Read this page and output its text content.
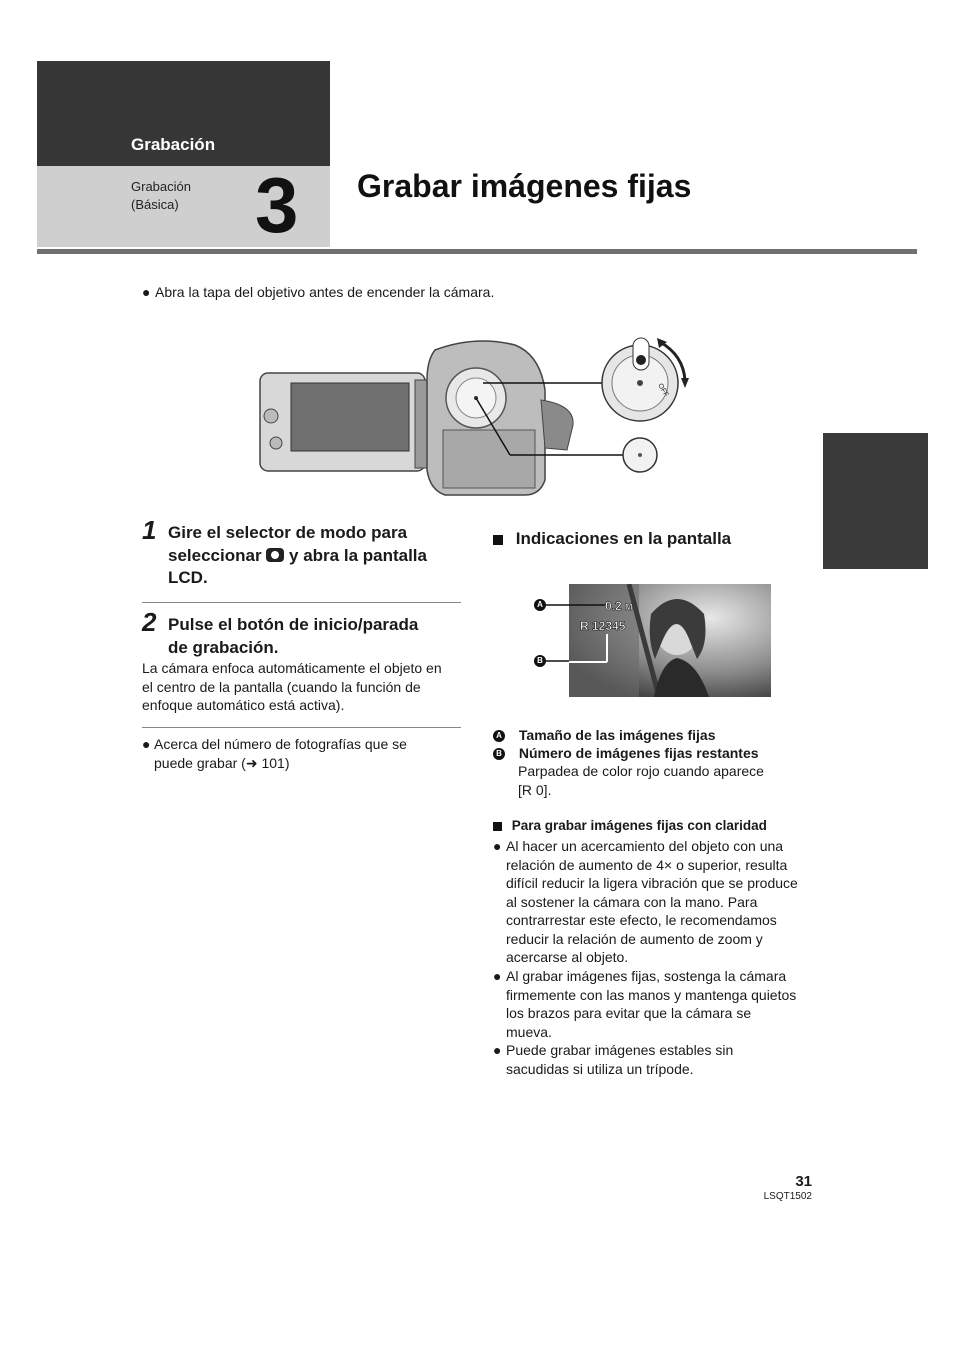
Grabación
Grabación
(Básica) 3 Grabar imágenes fijas
● Abra la tapa del objetivo antes de encender la cámara.
OFF
1 Gire el selector de modo para
seleccionar y abra la pantalla
LCD.
2 Pulse el botón de inicio/parada
de grabación.
La cámara enfoca automáticamente el objeto en
el centro de la pantalla (cuando la función de
enfoque automático está activa).
● Acerca del número de fotografías que se
puede grabar (➜ 101)
Indicaciones en la pantalla
0.2 M
R 12345
A
B
A Tamaño de las imágenes fijas
B Número de imágenes fijas restantes
Parpadea de color rojo cuando aparece
[R 0].
Para grabar imágenes fijas con claridad
● Al hacer un acercamiento del objeto con una
relación de aumento de 4× o superior, resulta
difícil reducir la ligera vibración que se produce
al sostener la cámara con la mano. Para
contrarrestar este efecto, le recomendamos
reducir la relación de aumento de zoom y
acercarse al objeto.
● Al grabar imágenes fijas, sostenga la cámara
firmemente con las manos y mantenga quietos
los brazos para evitar que la cámara se
mueva.
● Puede grabar imágenes estables sin
sacudidas si utiliza un trípode.
31
LSQT1502
